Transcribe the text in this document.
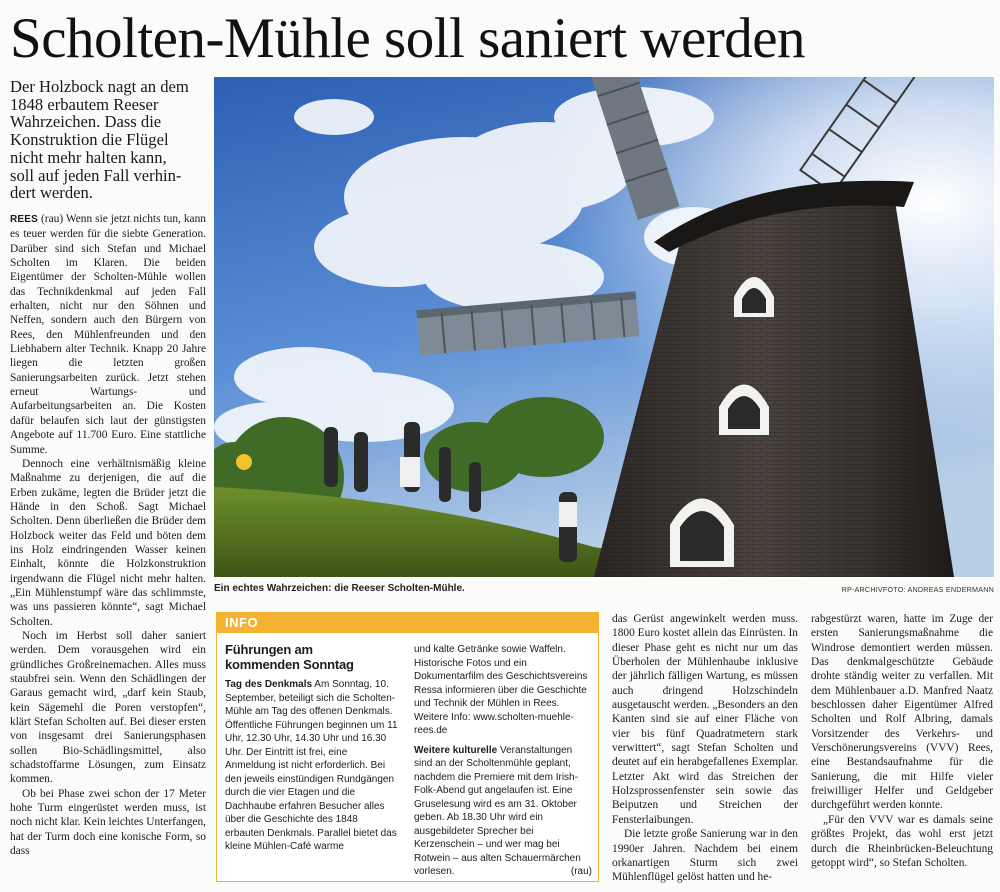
Scholten-Mühle soll saniert werden
Der Holzbock nagt an dem
1848 erbautem Reeser
Wahrzeichen. Dass die
Konstruktion die Flügel
nicht mehr halten kann,
soll auf jeden Fall verhin-
dert werden.

REES (rau) Wenn sie jetzt nichts tun, kann es teuer werden für die siebte Generation. Darüber sind sich Stefan und Michael Scholten im Klaren. Die beiden Eigentümer der Scholten-Mühle wollen das Technikdenkmal auf jeden Fall erhalten, nicht nur den Söhnen und Neffen, sondern auch den Bürgern von Rees, den Mühlenfreunden und den Liebhabern alter Technik. Knapp 20 Jahre liegen die letzten großen Sanierungsarbeiten zurück. Jetzt stehen erneut Wartungs- und Aufarbeitungsarbeiten an. Die Kosten dafür belaufen sich laut der günstigsten Angebote auf 11.700 Euro. Eine stattliche Summe.

Dennoch eine verhältnismäßig kleine Maßnahme zu derjenigen, die auf die Erben zukäme, legten die Brüder jetzt die Hände in den Schoß. Sagt Michael Scholten. Denn überließen die Brüder dem Holzbock weiter das Feld und böten dem ins Holz eindringenden Wasser keinen Einhalt, könnte die Holzkonstruktion irgendwann die Flügel nicht mehr halten. „Ein Mühlenstumpf wäre das schlimmste, was uns passieren könnte“, sagt Michael Scholten.

Noch im Herbst soll daher saniert werden. Dem vorausgehen wird ein gründliches Großreinemachen. Alles muss staubfrei sein. Wenn den Schädlingen der Garaus gemacht wird, „darf kein Staub, kein Sägemehl die Poren verstopfen“, klärt Stefan Scholten auf. Bei dieser ersten von insgesamt drei Sanierungsphasen sollen Bio-Schädlingsmittel, also schadstoffarme Lösungen, zum Einsatz kommen.

Ob bei Phase zwei schon der 17 Meter hohe Turm eingerüstet werden muss, ist noch nicht klar. Kein leichtes Unterfangen, hat der Turm doch eine konische Form, so dass

Ein echtes Wahrzeichen: die Reeser Scholten-Mühle.	RP-ARCHIVFOTO: ANDREAS ENDERMANN
INFO
Führungen am
kommenden Sonntag

Tag des Denkmals Am Sonntag, 10. September, beteiligt sich die Scholten-Mühle am Tag des offenen Denkmals. Öffentliche Führungen beginnen um 11 Uhr, 12.30 Uhr, 14.30 Uhr und 16.30 Uhr. Der Eintritt ist frei, eine Anmeldung ist nicht erforderlich. Bei den jeweils einstündigen Rundgängen durch die vier Etagen und die Dachhaube erfahren Besucher alles über die Geschichte des 1848 erbauten Denkmals. Parallel bietet das kleine Mühlen-Café warme

und kalte Getränke sowie Waffeln. Historische Fotos und ein Dokumentarfilm des Geschichtsvereins Ressa informieren über die Geschichte und Technik der Mühlen in Rees. Weitere Info: www.scholten-muehle-rees.de

Weitere kulturelle Veranstaltungen sind an der Scholtenmühle geplant, nachdem die Premiere mit dem Irish-Folk-Abend gut angelaufen ist. Eine Gruselesung wird es am 31. Oktober geben. Ab 18.30 Uhr wird ein ausgebildeter Sprecher bei Kerzenschein – und wer mag bei Rotwein – aus alten Schauermärchen vorlesen.	(rau)

das Gerüst angewinkelt werden muss. 1800 Euro kostet allein das Einrüsten. In dieser Phase geht es nicht nur um das Überholen der Mühlenhaube inklusive der jährlich fälligen Wartung, es müssen auch dringend Holzschindeln ausgetauscht werden. „Besonders an den Kanten sind sie auf einer Fläche von vier bis fünf Quadratmetern stark verwittert“, sagt Stefan Scholten und deutet auf ein herabgefallenes Exemplar. Letzter Akt wird das Streichen der Holzsprossenfenster sein sowie das Beiputzen und Streichen der Fensterlaibungen.

Die letzte große Sanierung war in den 1990er Jahren. Nachdem bei einem orkanartigen Sturm sich zwei Mühlenflügel gelöst hatten und he-

rabgestürzt waren, hatte im Zuge der ersten Sanierungsmaßnahme die Windrose demontiert werden müssen. Das denkmalgeschützte Gebäude drohte ständig weiter zu verfallen. Mit dem Mühlenbauer a.D. Manfred Naatz beschlossen daher Eigentümer Alfred Scholten und Rolf Albring, damals Vorsitzender des Verkehrs- und Verschönerungsvereins (VVV) Rees, eine Bestandsaufnahme für die Sanierung, die mit Hilfe vieler freiwilliger Helfer und Geldgeber durchgeführt werden konnte.

„Für den VVV war es damals seine größtes Projekt, das wohl erst jetzt durch die Rheinbrücken-Beleuchtung getoppt wird“, so Stefan Scholten.
